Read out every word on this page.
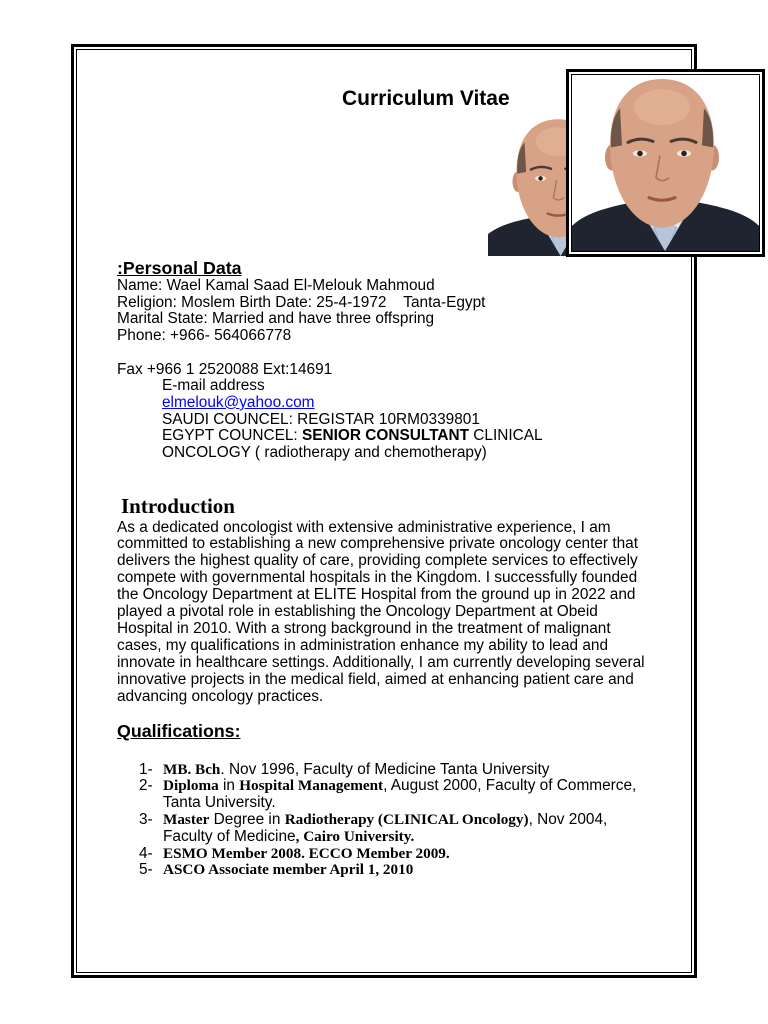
Curriculum Vitae
:Personal Data
Name: Wael Kamal Saad El-Melouk Mahmoud
Religion: Moslem Birth Date: 25-4-1972    Tanta-Egypt
Marital State: Married and have three offspring
Phone: +966- 564066778
Fax +966 1 2520088 Ext:14691
E-mail address
elmelouk@yahoo.com
SAUDI COUNCEL: REGISTAR 10RM0339801
EGYPT COUNCEL: SENIOR CONSULTANT CLINICAL
ONCOLOGY ( radiotherapy and chemotherapy)
Introduction
As a dedicated oncologist with extensive administrative experience, I am
committed to establishing a new comprehensive private oncology center that
delivers the highest quality of care, providing complete services to effectively
compete with governmental hospitals in the Kingdom. I successfully founded
the Oncology Department at ELITE Hospital from the ground up in 2022 and
played a pivotal role in establishing the Oncology Department at Obeid
Hospital in 2010. With a strong background in the treatment of malignant
cases, my qualifications in administration enhance my ability to lead and
innovate in healthcare settings. Additionally, I am currently developing several
innovative projects in the medical field, aimed at enhancing patient care and
advancing oncology practices.
Qualifications:
1- MB. Bch. Nov 1996, Faculty of Medicine Tanta University
2- Diploma in Hospital Management, August 2000, Faculty of Commerce,
Tanta University.
3- Master Degree in Radiotherapy (CLINICAL Oncology), Nov 2004,
Faculty of Medicine, Cairo University.
4- ESMO Member 2008. ECCO Member 2009.
5- ASCO Associate member April 1, 2010
